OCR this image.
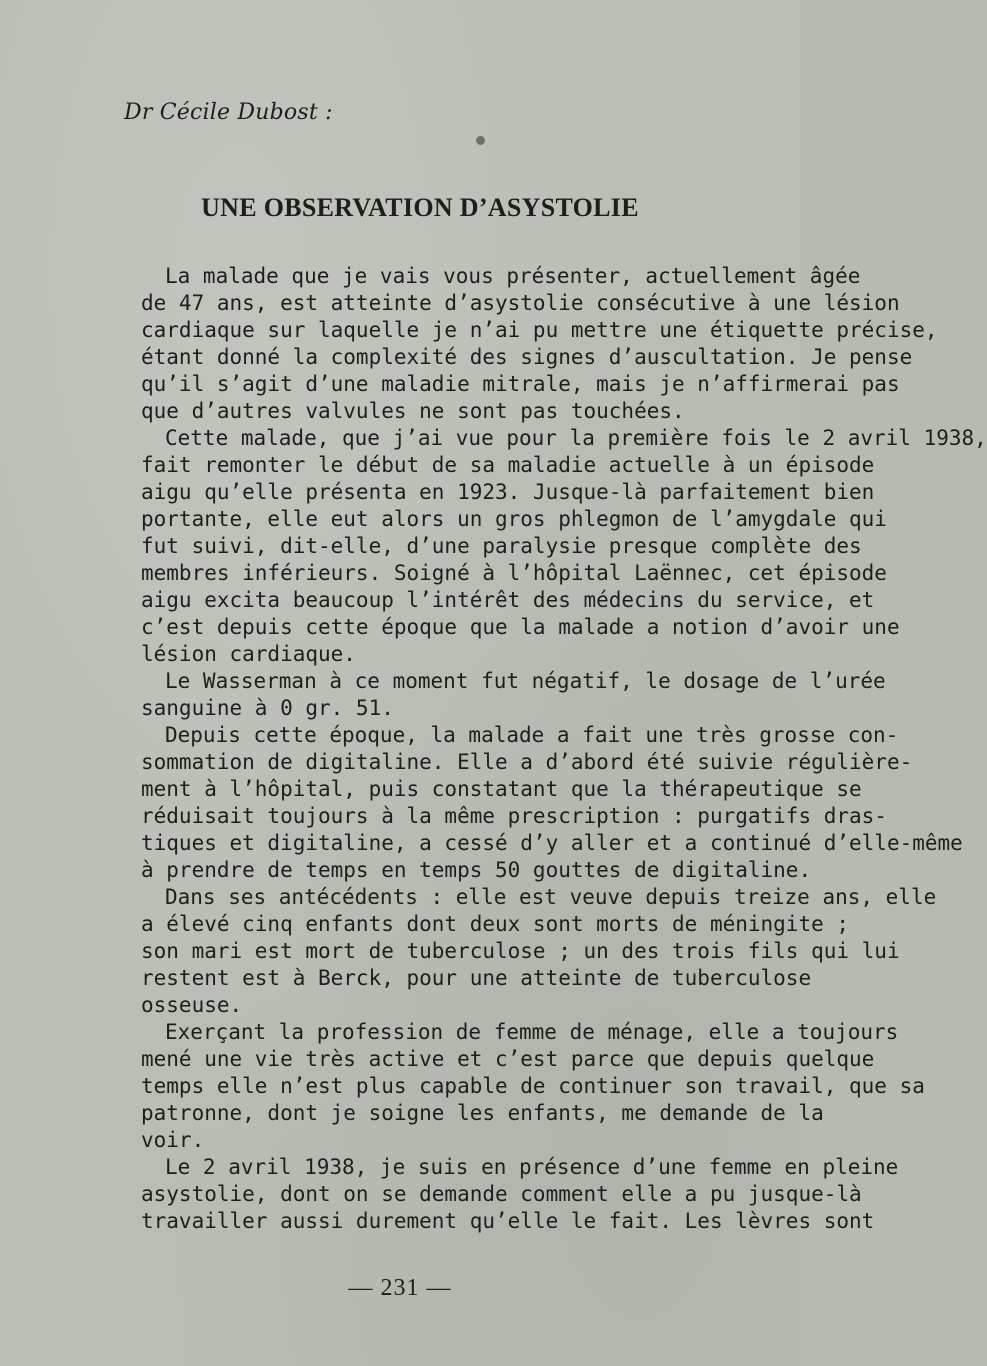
Dr Cécile Dubost :
UNE OBSERVATION D’ASYSTOLIE
La malade que je vais vous présenter, actuellement âgée
de 47 ans, est atteinte d’asystolie consécutive à une lésion
cardiaque sur laquelle je n’ai pu mettre une étiquette précise,
étant donné la complexité des signes d’auscultation. Je pense
qu’il s’agit d’une maladie mitrale, mais je n’affirmerai pas
que d’autres valvules ne sont pas touchées.
Cette malade, que j’ai vue pour la première fois le 2 avril 1938,
fait remonter le début de sa maladie actuelle à un épisode
aigu qu’elle présenta en 1923. Jusque-là parfaitement bien
portante, elle eut alors un gros phlegmon de l’amygdale qui
fut suivi, dit-elle, d’une paralysie presque complète des
membres inférieurs. Soigné à l’hôpital Laënnec, cet épisode
aigu excita beaucoup l’intérêt des médecins du service, et
c’est depuis cette époque que la malade a notion d’avoir une
lésion cardiaque.
Le Wasserman à ce moment fut négatif, le dosage de l’urée
sanguine à 0 gr. 51.
Depuis cette époque, la malade a fait une très grosse con-
sommation de digitaline. Elle a d’abord été suivie régulière-
ment à l’hôpital, puis constatant que la thérapeutique se
réduisait toujours à la même prescription : purgatifs dras-
tiques et digitaline, a cessé d’y aller et a continué d’elle-même
à prendre de temps en temps 50 gouttes de digitaline.
Dans ses antécédents : elle est veuve depuis treize ans, elle
a élevé cinq enfants dont deux sont morts de méningite ;
son mari est mort de tuberculose ; un des trois fils qui lui
restent est à Berck, pour une atteinte de tuberculose
osseuse.
Exerçant la profession de femme de ménage, elle a toujours
mené une vie très active et c’est parce que depuis quelque
temps elle n’est plus capable de continuer son travail, que sa
patronne, dont je soigne les enfants, me demande de la
voir.
Le 2 avril 1938, je suis en présence d’une femme en pleine
asystolie, dont on se demande comment elle a pu jusque-là
travailler aussi durement qu’elle le fait. Les lèvres sont
— 231 —
